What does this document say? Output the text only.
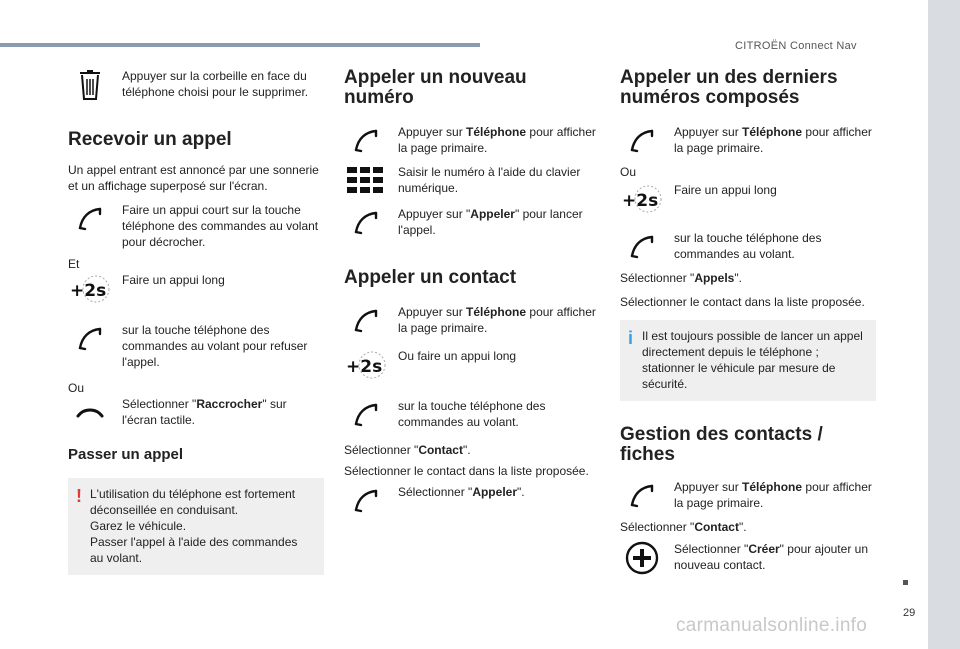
CITROËN Connect Nav
29
carmanualsonline.info

Appuyer sur la corbeille en face du téléphone choisi pour le supprimer.

Recevoir un appel

Un appel entrant est annoncé par une sonnerie et un affichage superposé sur l'écran.

Faire un appui court sur la touche téléphone des commandes au volant pour décrocher.

Et

+2s

Faire un appui long

sur la touche téléphone des commandes au volant pour refuser l'appel.

Ou

Sélectionner "Raccrocher" sur l'écran tactile.

Passer un appel
! L'utilisation du téléphone est fortement déconseillée en conduisant.

Garez le véhicule.

Passer l'appel à l'aide des commandes au volant.

Appeler un nouveau numéro

Appuyer sur Téléphone pour afficher la page primaire.

Saisir le numéro à l'aide du clavier numérique.

Appuyer sur "Appeler" pour lancer l'appel.

Appeler un contact

Appuyer sur Téléphone pour afficher la page primaire.

+2s

Ou faire un appui long

sur la touche téléphone des commandes au volant.

Sélectionner "Contact".

Sélectionner le contact dans la liste proposée.

Sélectionner "Appeler".

Appeler un des derniers numéros composés

Appuyer sur Téléphone pour afficher la page primaire.

Ou

+2s

Faire un appui long

sur la touche téléphone des commandes au volant.

Sélectionner "Appels".

Sélectionner le contact dans la liste proposée.

i Il est toujours possible de lancer un appel directement depuis le téléphone ; stationner le véhicule par mesure de sécurité.

Gestion des contacts / fiches

Appuyer sur Téléphone pour afficher la page primaire.

Sélectionner "Contact".

Sélectionner "Créer" pour ajouter un nouveau contact.
